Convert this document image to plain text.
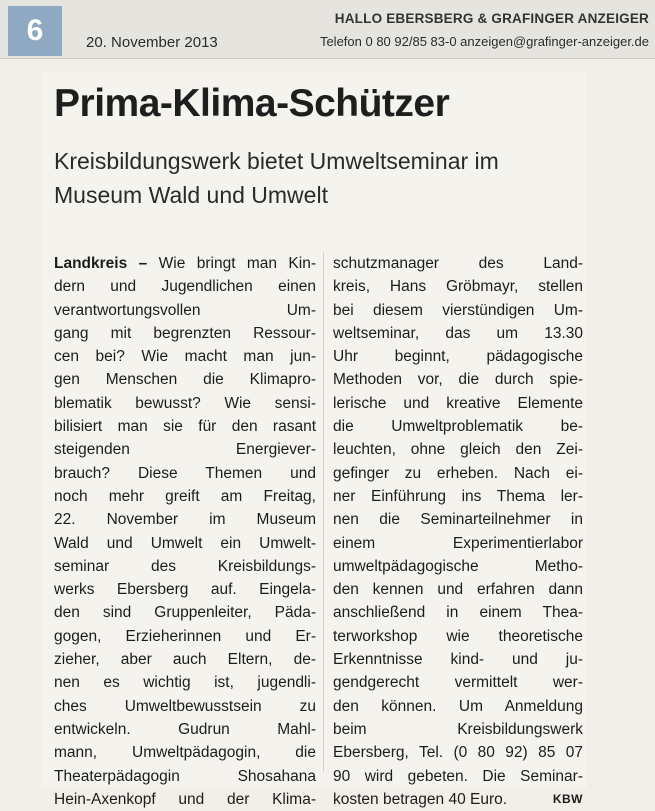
6	20. November 2013
HALLO EBERSBERG & GRAFINGER ANZEIGER
Telefon 0 80 92/85 83-0 anzeigen@grafinger-anzeiger.de
Prima-Klima-Schützer
Kreisbildungswerk bietet Umweltseminar im Museum Wald und Umwelt
Landkreis – Wie bringt man Kin-
dern und Jugendlichen einen
verantwortungsvollen Um-
gang mit begrenzten Ressour-
cen bei? Wie macht man jun-
gen Menschen die Klimapro-
blematik bewusst? Wie sensi-
bilisiert man sie für den rasant
steigenden Energiever-
brauch? Diese Themen und
noch mehr greift am Freitag,
22. November im Museum
Wald und Umwelt ein Umwelt-
seminar des Kreisbildungs-
werks Ebersberg auf. Eingela-
den sind Gruppenleiter, Päda-
gogen, Erzieherinnen und Er-
zieher, aber auch Eltern, de-
nen es wichtig ist, jugendli-
ches Umweltbewusstsein zu
entwickeln. Gudrun Mahl-
mann, Umweltpädagogin, die
Theaterpädagogin Shosahana
Hein-Axenkopf und der Klima-
schutzmanager des Land-
kreis, Hans Gröbmayr, stellen
bei diesem vierstündigen Um-
weltseminar, das um 13.30
Uhr beginnt, pädagogische
Methoden vor, die durch spie-
lerische und kreative Elemente
die Umweltproblematik be-
leuchten, ohne gleich den Zei-
gefinger zu erheben. Nach ei-
ner Einführung ins Thema ler-
nen die Seminarteilnehmer in
einem Experimentierlabor
umweltpädagogische Metho-
den kennen und erfahren dann
anschließend in einem Thea-
terworkshop wie theoretische
Erkenntnisse kind- und ju-
gendgerecht vermittelt wer-
den können. Um Anmeldung
beim Kreisbildungswerk
Ebersberg, Tel. (0 80 92) 85 07
90 wird gebeten. Die Seminar-
kosten betragen 40 Euro.	KBW
